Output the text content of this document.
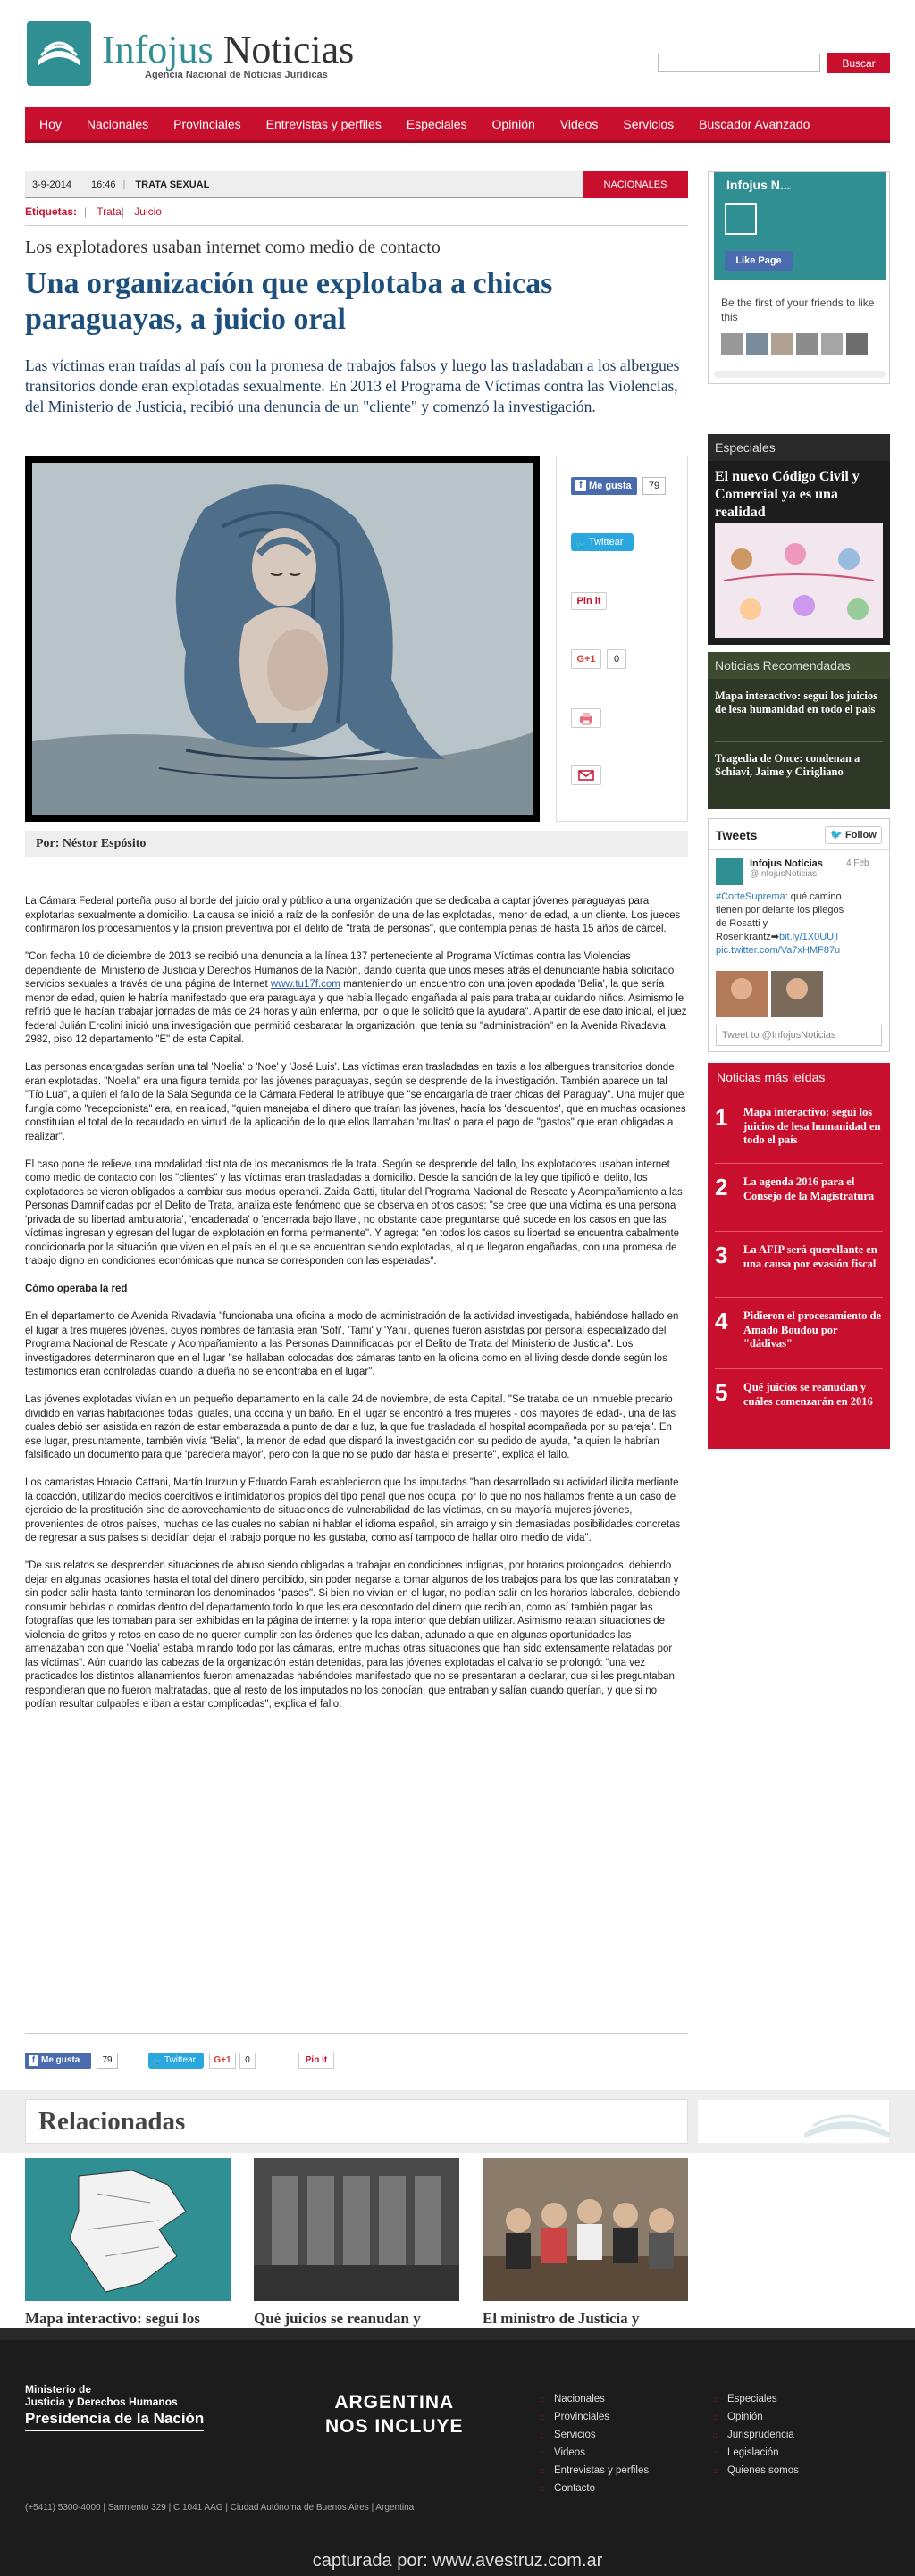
Infojus Noticias
Agencia Nacional de Noticias Jurídicas
Buscar
Hoy	Nacionales	Provinciales	Entrevistas y perfiles	Especiales	Opinión	Videos	Servicios	Buscador Avanzado
3-9-2014 | 16:46 | TRATA SEXUAL	NACIONALES
Etiquetas: | Trata| Juicio
Los explotadores usaban internet como medio de contacto
Una organización que explotaba a chicas paraguayas, a juicio oral
Las víctimas eran traídas al país con la promesa de trabajos falsos y luego las trasladaban a los albergues transitorios donde eran explotadas sexualmente. En 2013 el Programa de Víctimas contra las Violencias, del Ministerio de Justicia, recibió una denuncia de un "cliente" y comenzó la investigación.
f Me gusta	79
🐦 Twittear
Pin it
G+1	0
Por: Néstor Espósito

La Cámara Federal porteña puso al borde del juicio oral y público a una organización que se dedicaba a captar jóvenes paraguayas para explotarlas sexualmente a domicilio. La causa se inició a raíz de la confesión de una de las explotadas, menor de edad, a un cliente. Los jueces confirmaron los procesamientos y la prisión preventiva por el delito de "trata de personas", que contempla penas de hasta 15 años de cárcel.

"Con fecha 10 de diciembre de 2013 se recibió una denuncia a la línea 137 perteneciente al Programa Víctimas contra las Violencias dependiente del Ministerio de Justicia y Derechos Humanos de la Nación, dando cuenta que unos meses atrás el denunciante había solicitado servicios sexuales a través de una página de Internet www.tu17f.com manteniendo un encuentro con una joven apodada 'Belia', la que sería menor de edad, quien le habría manifestado que era paraguaya y que había llegado engañada al país para trabajar cuidando niños. Asimismo le refirió que le hacían trabajar jornadas de más de 24 horas y aún enferma, por lo que le solicitó que la ayudara". A partir de ese dato inicial, el juez federal Julián Ercolini inició una investigación que permitió desbaratar la organización, que tenía su "administración" en la Avenida Rivadavia 2982, piso 12 departamento "E" de esta Capital.

Las personas encargadas serían una tal 'Noelia' o 'Noe' y 'José Luis'. Las víctimas eran trasladadas en taxis a los albergues transitorios donde eran explotadas. "Noelia" era una figura temida por las jóvenes paraguayas, según se desprende de la investigación. También aparece un tal "Tío Lua", a quien el fallo de la Sala Segunda de la Cámara Federal le atribuye que "se encargaría de traer chicas del Paraguay". Una mujer que fungía como "recepcionista" era, en realidad, "quien manejaba el dinero que traían las jóvenes, hacía los 'descuentos', que en muchas ocasiones constituían el total de lo recaudado en virtud de la aplicación de lo que ellos llamaban 'multas' o para el pago de "gastos" que eran obligadas a realizar".

El caso pone de relieve una modalidad distinta de los mecanismos de la trata. Según se desprende del fallo, los explotadores usaban internet como medio de contacto con los "clientes" y las víctimas eran trasladadas a domicilio. Desde la sanción de la ley que tipificó el delito, los explotadores se vieron obligados a cambiar sus modus operandi. Zaida Gatti, titular del Programa Nacional de Rescate y Acompañamiento a las Personas Damnificadas por el Delito de Trata, analiza este fenómeno que se observa en otros casos: "se cree que una víctima es una persona 'privada de su libertad ambulatoria', 'encadenada' o 'encerrada bajo llave', no obstante cabe preguntarse qué sucede en los casos en que las víctimas ingresan y egresan del lugar de explotación en forma permanente". Y agrega: "en todos los casos su libertad se encuentra cabalmente condicionada por la situación que viven en el país en el que se encuentran siendo explotadas, al que llegaron engañadas, con una promesa de trabajo digno en condiciones económicas que nunca se corresponden con las esperadas".

Cómo operaba la red

En el departamento de Avenida Rivadavia "funcionaba una oficina a modo de administración de la actividad investigada, habiéndose hallado en el lugar a tres mujeres jóvenes, cuyos nombres de fantasía eran 'Sofi', 'Tami' y 'Yani', quienes fueron asistidas por personal especializado del Programa Nacional de Rescate y Acompañamiento a las Personas Damnificadas por el Delito de Trata del Ministerio de Justicia". Los investigadores determinaron que en el lugar "se hallaban colocadas dos cámaras tanto en la oficina como en el living desde donde según los testimonios eran controladas cuando la dueña no se encontraba en el lugar".

Las jóvenes explotadas vivían en un pequeño departamento en la calle 24 de noviembre, de esta Capital. "Se trataba de un inmueble precario dividido en varias habitaciones todas iguales, una cocina y un baño. En el lugar se encontró a tres mujeres - dos mayores de edad-, una de las cuales debió ser asistida en razón de estar embarazada a punto de dar a luz, la que fue trasladada al hospital acompañada por su pareja". En ese lugar, presuntamente, también vivía "Belia", la menor de edad que disparó la investigación con su pedido de ayuda, "a quien le habrían falsificado un documento para que 'pareciera mayor', pero con la que no se pudo dar hasta el presente", explica el fallo.

Los camaristas Horacio Cattani, Martín Irurzun y Eduardo Farah establecieron que los imputados "han desarrollado su actividad ilícita mediante la coacción, utilizando medios coercitivos e intimidatorios propios del tipo penal que nos ocupa, por lo que no nos hallamos frente a un caso de ejercicio de la prostitución sino de aprovechamiento de situaciones de vulnerabilidad de las víctimas, en su mayoría mujeres jóvenes, provenientes de otros países, muchas de las cuales no sabían ni hablar el idioma español, sin arraigo y sin demasiadas posibilidades concretas de regresar a sus países si decidían dejar el trabajo porque no les gustaba, como así tampoco de hallar otro medio de vida".

"De sus relatos se desprenden situaciones de abuso siendo obligadas a trabajar en condiciones indignas, por horarios prolongados, debiendo dejar en algunas ocasiones hasta el total del dinero percibido, sin poder negarse a tomar algunos de los trabajos para los que las contrataban y sin poder salir hasta tanto terminaran los denominados "pases". Si bien no vivían en el lugar, no podían salir en los horarios laborales, debiendo consumir bebidas o comidas dentro del departamento todo lo que les era descontado del dinero que recibían, como así también pagar las fotografías que les tomaban para ser exhibidas en la página de internet y la ropa interior que debían utilizar. Asimismo relatan situaciones de violencia de gritos y retos en caso de no querer cumplir con las órdenes que les daban, adunado a que en algunas oportunidades las amenazaban con que 'Noelia' estaba mirando todo por las cámaras, entre muchas otras situaciones que han sido extensamente relatadas por las víctimas". Aún cuando las cabezas de la organización están detenidas, para las jóvenes explotadas el calvario se prolongó: "una vez practicados los distintos allanamientos fueron amenazadas habiéndoles manifestado que no se presentaran a declarar, que si les preguntaban respondieran que no fueron maltratadas, que al resto de los imputados no los conocían, que entraban y salían cuando querían, y que si no podían resultar culpables e iban a estar complicadas", explica el fallo.

f Me gusta	79	🐦 Twittear	G+1	0	Pin it
Relacionadas
Mapa interactivo: seguí los	Qué juicios se reanudan y	El ministro de Justicia y
Infojus N...
Like Page
Be the first of your friends to like this
Especiales
El nuevo Código Civil y Comercial ya es una realidad
Noticias Recomendadas
Mapa interactivo: seguí los juicios de lesa humanidad en todo el país
Tragedia de Once: condenan a Schiavi, Jaime y Cirigliano
Tweets	🐦 Follow
Infojus Noticias	4 Feb
@InfojusNoticias
#CorteSuprema: qué camino tienen por delante los pliegos de Rosatti y Rosenkrantz➡bit.ly/1X0UUjl pic.twitter.com/Va7xHMF87u
Tweet to @InfojusNoticias
Noticias más leídas
1 Mapa interactivo: seguí los juicios de lesa humanidad en todo el país
2 La agenda 2016 para el Consejo de la Magistratura
3 La AFIP será querellante en una causa por evasión fiscal
4 Pidieron el procesamiento de Amado Boudou por "dádivas"
5 Qué juicios se reanudan y cuáles comenzarán en 2016
Ministerio de
Justicia y Derechos Humanos
Presidencia de la Nación
(+5411) 5300-4000 | Sarmiento 329 | C 1041 AAG | Ciudad Autónoma de Buenos Aires | Argentina
ARGENTINA
NOS INCLUYE
:: Nacionales
:: Provinciales
:: Servicios
:: Videos
:: Entrevistas y perfiles
:: Contacto
:: Especiales
:: Opinión
:: Jurisprudencia
:: Legislación
:: Quienes somos
capturada por: www.avestruz.com.ar
